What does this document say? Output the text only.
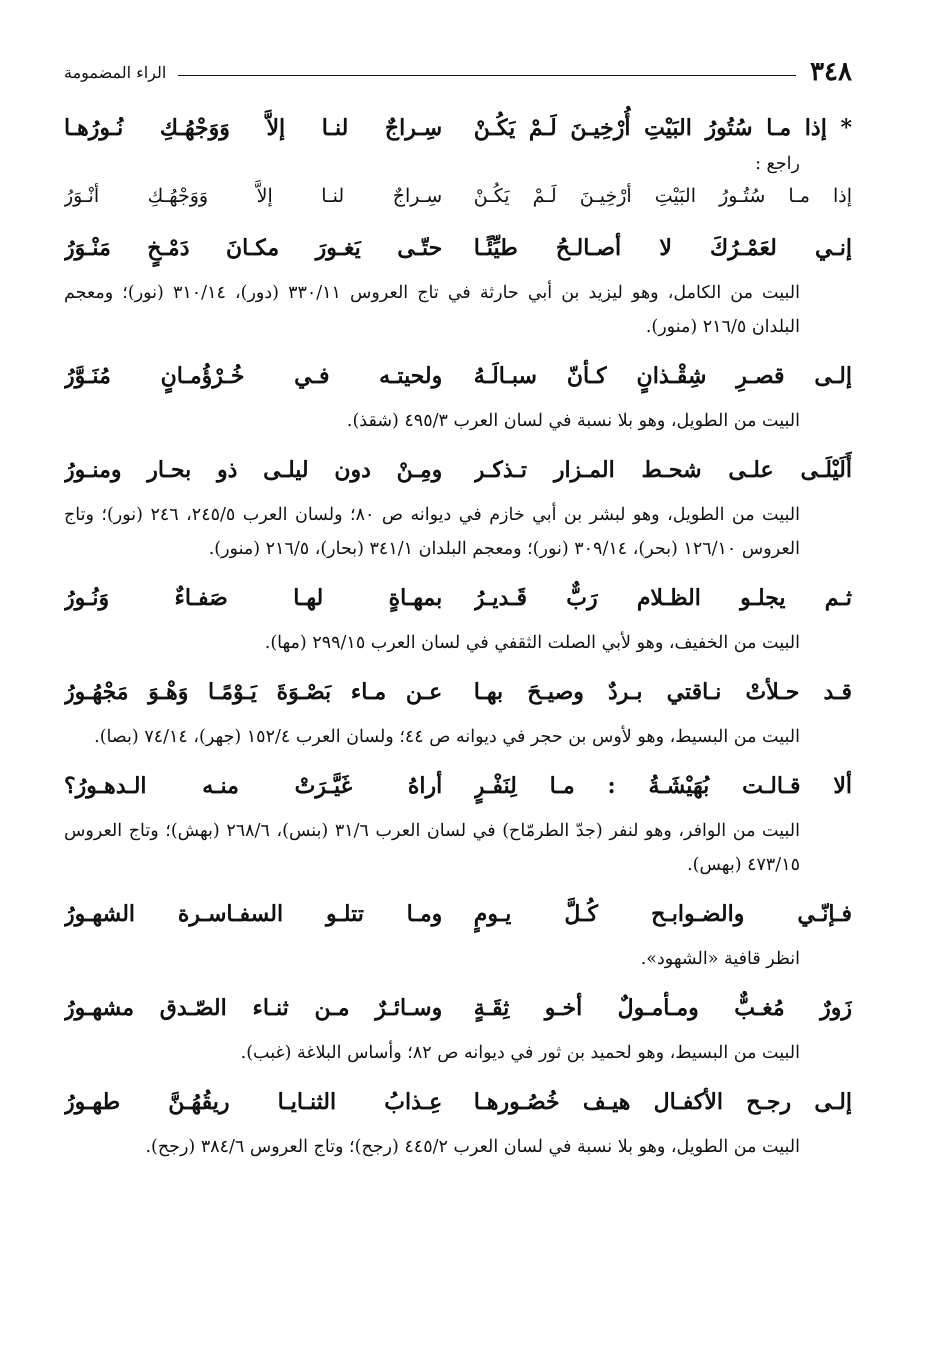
٣٤٨
الراء المضمومة
* إذا مـا سُتُورُ البَيْتِ أُرْخِيـنَ لَـمْ يَكُـنْ
سِـراجٌ لنـا إلاَّ وَوَجْهُـكِ نُـورُهـا

راجع :

إذا مـا سُتُـورُ البَيْتِ أرْخِيـنَ لَـمْ يَكُـنْ
سِـراجٌ لنـا إلاَّ وَوَجْهُـكِ أنْـوَرُ
إنـي لعَمْـرُكَ لا أصـالـحُ طيِّئًـا
حتّـى يَغـورَ مكـانَ دَمْـخٍ مَنْـوَرُ

البيت من الكامل، وهو ليزيد بن أبي حارثة في تاج العروس ٣٣٠/١١ (دور)، ٣١٠/١٤ (نور)؛ ومعجم البلدان ٢١٦/٥ (منور).

إلـى قصـرِ شِقْـذانٍ كـأنّ سبـالَـهُ
ولحيتـه فـي خُـرْؤُمـانٍ مُنَـوَّرُ

البيت من الطويل، وهو بلا نسبة في لسان العرب ٤٩٥/٣ (شقذ).

أَلَيْلَـى علـى شحـط المـزار تـذكـر
ومِـنْ دون ليلـى ذو بحـار ومنـورُ

البيت من الطويل، وهو لبشر بن أبي خازم في ديوانه ص ٨٠؛ ولسان العرب ٢٤٥/٥، ٢٤٦ (نور)؛ وتاج العروس ١٢٦/١٠ (بحر)، ٣٠٩/١٤ (نور)؛ ومعجم البلدان ٣٤١/١ (بحار)، ٢١٦/٥ (منور).

ثـم يجلـو الظـلام رَبٌّ قَـديـرُ
بمهـاةٍ لهـا صَفـاءٌ وَنُـورُ

البيت من الخفيف، وهو لأبي الصلت الثقفي في لسان العرب ٢٩٩/١٥ (مها).

قـد حـلأتْ نـاقتي بـردٌ وصيـحَ بهـا
عـن مـاء بَصْـوَةَ يَـوْمًـا وَهْـوَ مَجْهُـورُ

البيت من البسيط، وهو لأوس بن حجر في ديوانه ص ٤٤؛ ولسان العرب ١٥٢/٤ (جهر)، ٧٤/١٤ (بصا).

ألا قـالـت بُهَيْشَـةُ : مـا لِنَفْـرٍ
أراهُ غَيَّـرَتْ منـه الـدهـورُ؟

البيت من الوافر، وهو لنفر (جدّ الطرمّاح) في لسان العرب ٣١/٦ (بنس)، ٢٦٨/٦ (بهش)؛ وتاج العروس ٤٧٣/١٥ (بهس).

فـإنّـي والضـوابـح كُـلَّ يـومٍ
ومـا تتلـو السفـاسـرة الشهـورُ

انظر قافية «الشهود».

زَورٌ مُغـبٌّ ومـأمـولٌ أخـو ثِقَـةٍ
وسـائـرٌ مـن ثنـاء الصّـدق مشهـورُ

البيت من البسيط، وهو لحميد بن ثور في ديوانه ص ٨٢؛ وأساس البلاغة (غبب).

إلـى رجـح الأكفـال هيـف خُصُـورهـا
عِـذابُ الثنـايـا ريقُهُـنَّ طهـورُ

البيت من الطويل، وهو بلا نسبة في لسان العرب ٤٤٥/٢ (رجح)؛ وتاج العروس ٣٨٤/٦ (رجح).
